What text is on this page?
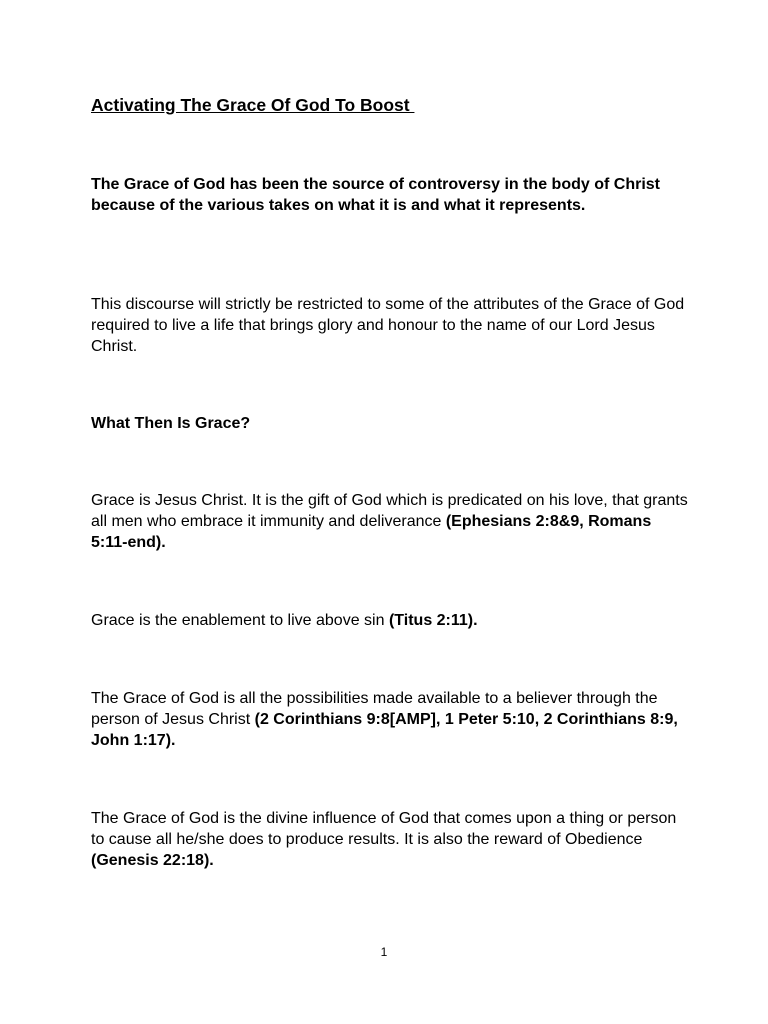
Activating The Grace Of God To Boost

The Grace of God has been the source of controversy in the body of Christ because of the various takes on what it is and what it represents.

This discourse will strictly be restricted to some of the attributes of the Grace of God required to live a life that brings glory and honour to the name of our Lord Jesus Christ.

What Then Is Grace?

Grace is Jesus Christ. It is the gift of God which is predicated on his love, that grants all men who embrace it immunity and deliverance (Ephesians 2:8&9, Romans 5:11-end).

Grace is the enablement to live above sin (Titus 2:11).

The Grace of God is all the possibilities made available to a believer through the person of Jesus Christ (2 Corinthians 9:8[AMP], 1 Peter 5:10, 2 Corinthians 8:9, John 1:17).

The Grace of God is the divine influence of God that comes upon a thing or person to cause all he/she does to produce results. It is also the reward of Obedience (Genesis 22:18).

1
